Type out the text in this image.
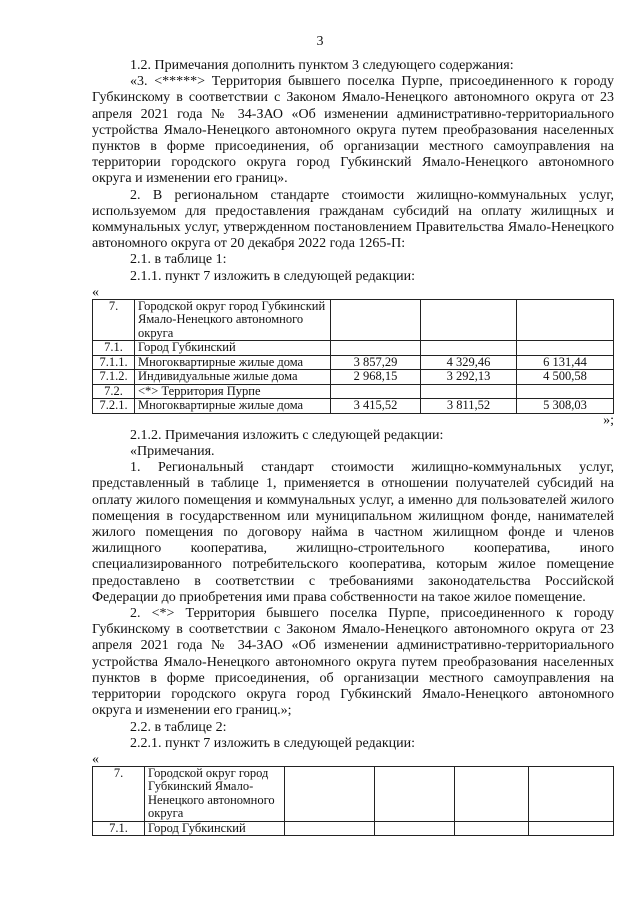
3

1.2. Примечания дополнить пунктом 3 следующего содержания:

«3. <*****> Территория бывшего поселка Пурпе, присоединенного к городу Губкинскому в соответствии с Законом Ямало-Ненецкого автономного округа от 23 апреля 2021 года № 34-ЗАО «Об изменении административно-территориального устройства Ямало-Ненецкого автономного округа путем преобразования населенных пунктов в форме присоединения, об организации местного самоуправления на территории городского округа город Губкинский Ямало-Ненецкого автономного округа и изменении его границ».

2. В региональном стандарте стоимости жилищно-коммунальных услуг, используемом для предоставления гражданам субсидий на оплату жилищных и коммунальных услуг, утвержденном постановлением Правительства Ямало-Ненецкого автономного округа от 20 декабря 2022 года 1265-П:

2.1. в таблице 1:

2.1.1. пункт 7 изложить в следующей редакции:

«

7.	Городской округ город Губкинский Ямало-Ненецкого автономного округа			
7.1.	Город Губкинский			
7.1.1.	Многоквартирные жилые дома	3 857,29	4 329,46	6 131,44
7.1.2.	Индивидуальные жилые дома	2 968,15	3 292,13	4 500,58
7.2.	<*> Территория Пурпе			
7.2.1.	Многоквартирные жилые дома	3 415,52	3 811,52	5 308,03

»;

2.1.2. Примечания изложить с следующей редакции:

«Примечания.

1. Региональный стандарт стоимости жилищно-коммунальных услуг, представленный в таблице 1, применяется в отношении получателей субсидий на оплату жилого помещения и коммунальных услуг, а именно для пользователей жилого помещения в государственном или муниципальном жилищном фонде, нанимателей жилого помещения по договору найма в частном жилищном фонде и членов жилищного кооператива, жилищно-строительного кооператива, иного специализированного потребительского кооператива, которым жилое помещение предоставлено в соответствии с требованиями законодательства Российской Федерации до приобретения ими права собственности на такое жилое помещение.

2. <*> Территория бывшего поселка Пурпе, присоединенного к городу Губкинскому в соответствии с Законом Ямало-Ненецкого автономного округа от 23 апреля 2021 года № 34-ЗАО «Об изменении административно-территориального устройства Ямало-Ненецкого автономного округа путем преобразования населенных пунктов в форме присоединения, об организации местного самоуправления на территории городского округа город Губкинский Ямало-Ненецкого автономного округа и изменении его границ.»;

2.2. в таблице 2:

2.2.1. пункт 7 изложить в следующей редакции:

«

7.	Городской округ город Губкинский Ямало-Ненецкого автономного округа				
7.1.	Город Губкинский				
